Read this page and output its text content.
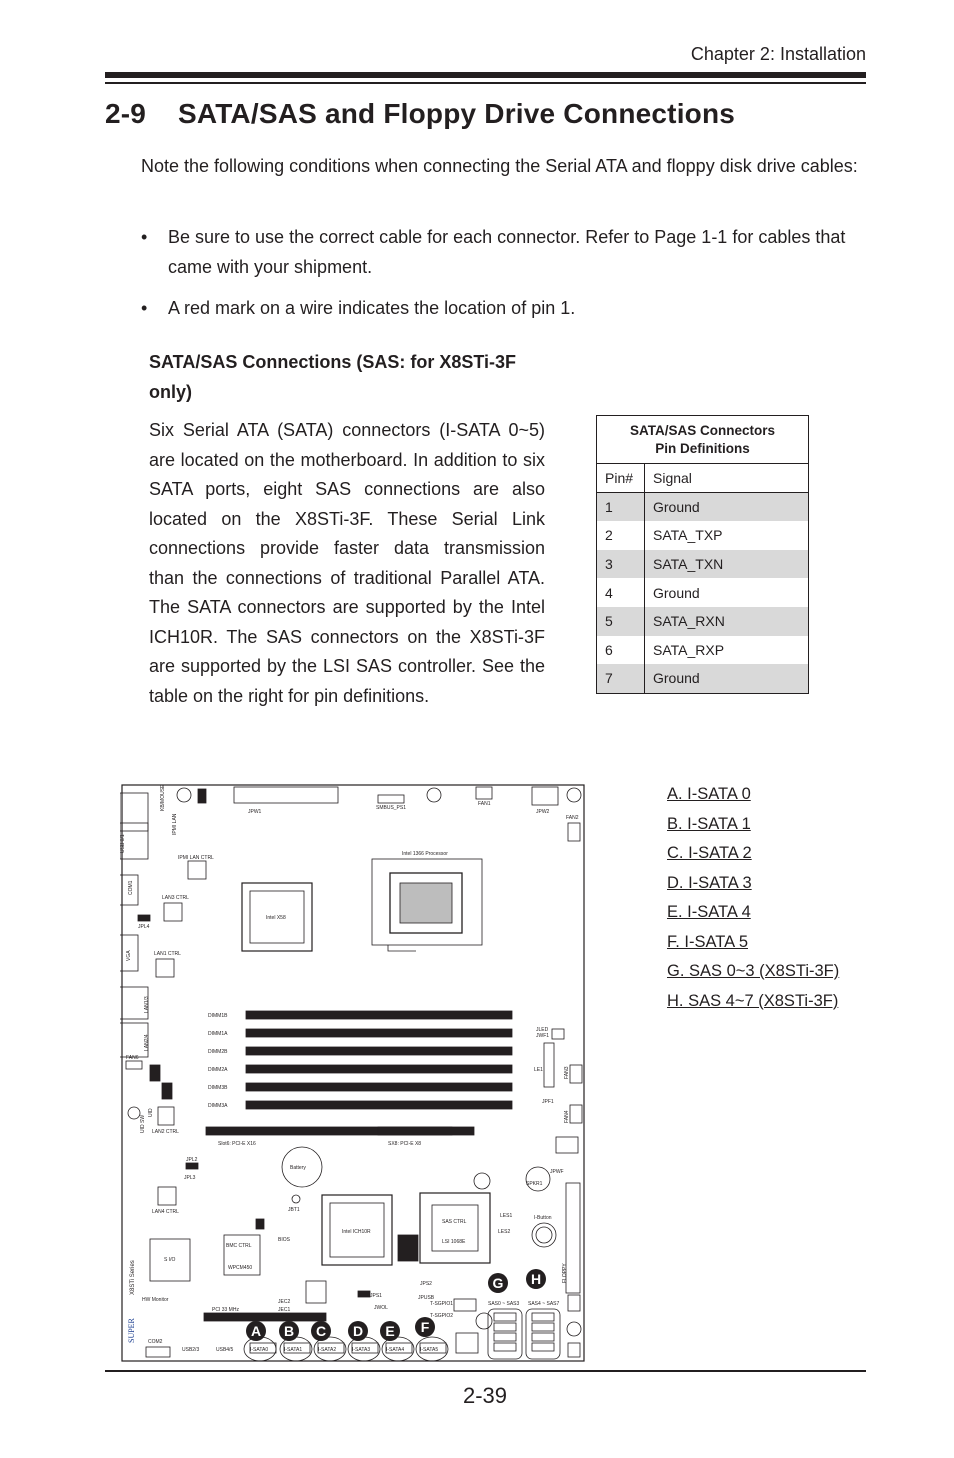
Chapter 2: Installation
2-9    SATA/SAS and Floppy Drive Connections
Note the following conditions when connecting the Serial ATA and floppy disk drive cables:
•	Be sure to use the correct cable for each connector. Refer to Page 1-1 for cables that came with your shipment.
•	A red mark on a wire indicates the location of pin 1.
SATA/SAS Connections (SAS: for X8STi-3F only)
Six Serial ATA (SATA) connectors (I-SATA 0~5) are located on the motherboard. In addition to six SATA ports, eight SAS connections are also located on the X8STi-3F. These Serial Link connections provide faster data transmission than the connections of traditional Parallel ATA. The SATA connectors are supported by the Intel ICH10R. The SAS connectors on the X8STi-3F are supported by the LSI SAS controller. See the table on the right for pin definitions.
SATA/SAS Connectors
Pin Definitions	
Pin#	Signal
1	Ground
2	SATA_TXP
3	SATA_TXN
4	Ground
5	SATA_RXN
6	SATA_RXP
7	Ground
KB/MOUSE
USB 0/1
IPMI LAN
COM1
VGA
LAN1/3
LAN2/4
JPW1
SMBUS_PS1
FAN1
JPW2
FAN2
IPMI LAN CTRL
LAN3 CTRL
JPL4
LAN1 CTRL
Intel X58
Intel 1366 Processor
DIMM1B
DIMM1A
DIMM2B
DIMM2A
DIMM3B
DIMM3A
JLED
JWF1
LE1
JPF1
FAN3
FAN4
FAN6
UID SW
UID
LAN2 CTRL
Slot6: PCI-E X16	SX8: PCI-E X8
JPL2
JPL3
LAN4 CTRL
Battery
JBT1
SPKR1
JPWF
Intel ICH10R
SAS CTRL
LSI 1068E
LES1
LES2
I-Button
FLOPPY
BMC CTRL
WPCM450
BIOS
S I/O
X8STi Series
SUPER
HW Monitor	JEC2
JEC1
JPS1
JWOL
JPS2
JPUSB
T-SGPIO1
T-SGPIO2
PCI 33 MHz
COM2
USB2/3	USB4/5	I-SATA0	I-SATA1	I-SATA2	I-SATA3	I-SATA4	I-SATA5
SAS0 ~ SAS3 SAS4 ~ SAS7
A B C D E F
G H
A. I-SATA 0
B. I-SATA 1
C. I-SATA 2
D. I-SATA 3
E. I-SATA 4
F. I-SATA 5
G. SAS 0~3 (X8STi-3F)
H. SAS 4~7 (X8STi-3F)
2-39
